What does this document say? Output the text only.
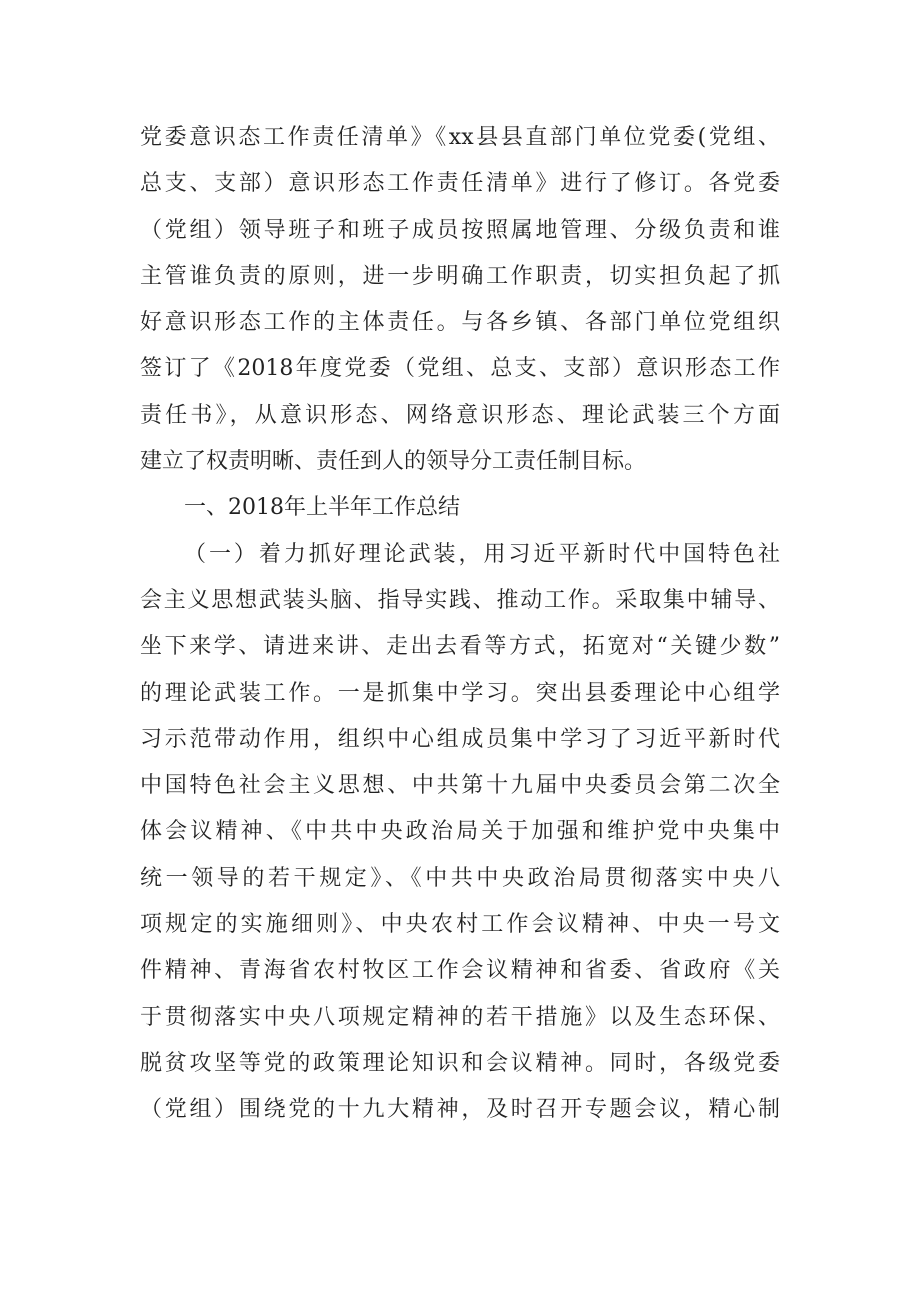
党委意识态工作责任清单》《xx县县直部门单位党委(党组、
总支、支部）意识形态工作责任清单》进行了修订。各党委
（党组）领导班子和班子成员按照属地管理、分级负责和谁
主管谁负责的原则，进一步明确工作职责，切实担负起了抓
好意识形态工作的主体责任。与各乡镇、各部门单位党组织
签订了《2018年度党委（党组、总支、支部）意识形态工作
责任书》，从意识形态、网络意识形态、理论武装三个方面
建立了权责明晰、责任到人的领导分工责任制目标。
一、2018年上半年工作总结
（一）着力抓好理论武装，用习近平新时代中国特色社
会主义思想武装头脑、指导实践、推动工作。采取集中辅导、
坐下来学、请进来讲、走出去看等方式，拓宽对“关键少数”
的理论武装工作。一是抓集中学习。突出县委理论中心组学
习示范带动作用，组织中心组成员集中学习了习近平新时代
中国特色社会主义思想、中共第十九届中央委员会第二次全
体会议精神、《中共中央政治局关于加强和维护党中央集中
统一领导的若干规定》、《中共中央政治局贯彻落实中央八
项规定的实施细则》、中央农村工作会议精神、中央一号文
件精神、青海省农村牧区工作会议精神和省委、省政府《关
于贯彻落实中央八项规定精神的若干措施》以及生态环保、
脱贫攻坚等党的政策理论知识和会议精神。同时，各级党委
（党组）围绕党的十九大精神，及时召开专题会议，精心制
